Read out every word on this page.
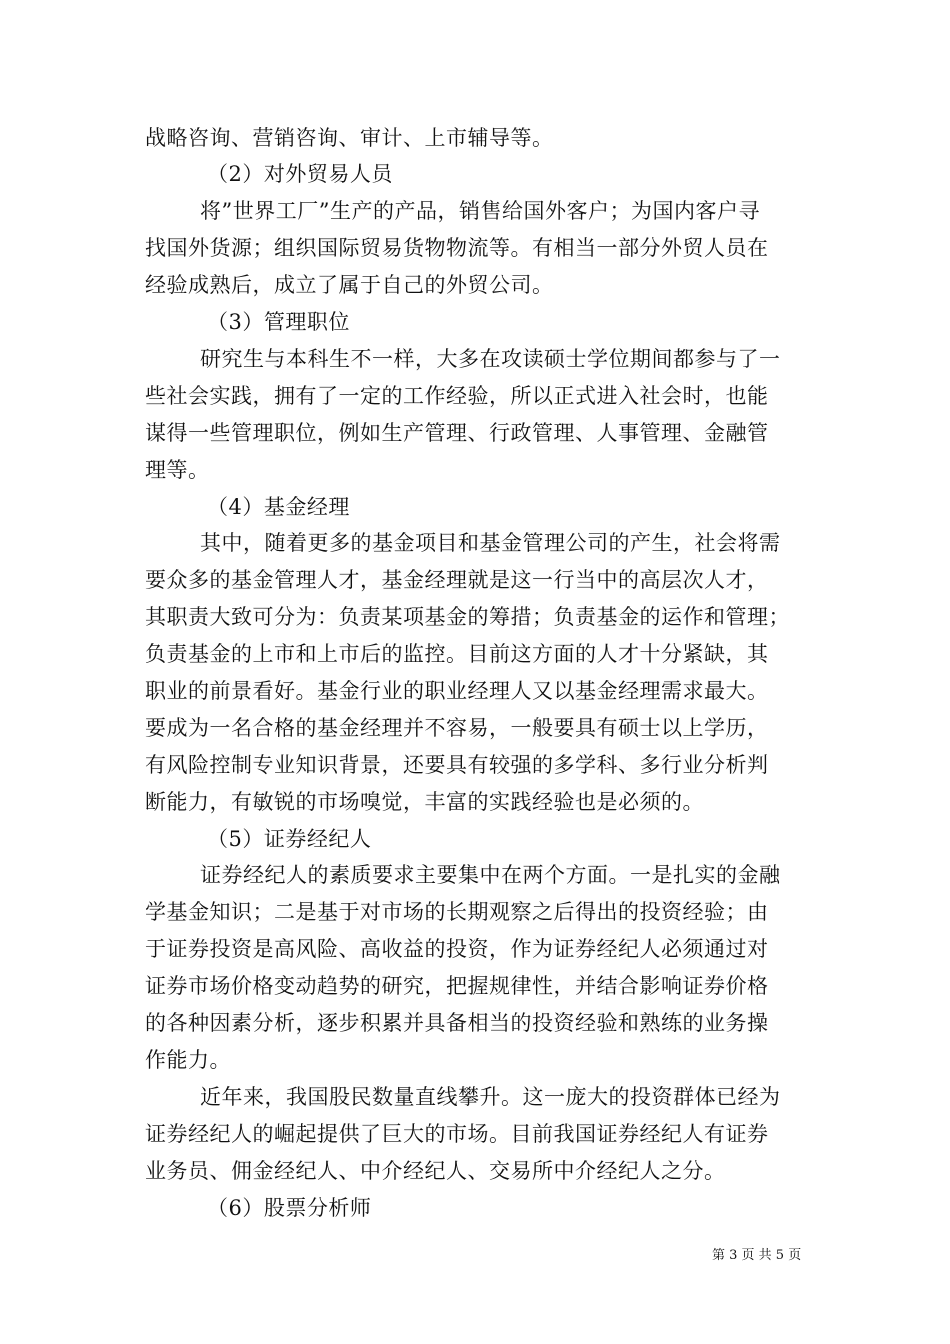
战略咨询、营销咨询、审计、上市辅导等。
（2）对外贸易人员
将”世界工厂”生产的产品，销售给国外客户；为国内客户寻
找国外货源；组织国际贸易货物物流等。有相当一部分外贸人员在
经验成熟后，成立了属于自己的外贸公司。
（3）管理职位
研究生与本科生不一样，大多在攻读硕士学位期间都参与了一
些社会实践，拥有了一定的工作经验，所以正式进入社会时，也能
谋得一些管理职位，例如生产管理、行政管理、人事管理、金融管
理等。
（4）基金经理
其中，随着更多的基金项目和基金管理公司的产生，社会将需
要众多的基金管理人才，基金经理就是这一行当中的高层次人才，
其职责大致可分为：负责某项基金的筹措；负责基金的运作和管理；
负责基金的上市和上市后的监控。目前这方面的人才十分紧缺，其
职业的前景看好。基金行业的职业经理人又以基金经理需求最大。
要成为一名合格的基金经理并不容易，一般要具有硕士以上学历，
有风险控制专业知识背景，还要具有较强的多学科、多行业分析判
断能力，有敏锐的市场嗅觉，丰富的实践经验也是必须的。
（5）证券经纪人
证券经纪人的素质要求主要集中在两个方面。一是扎实的金融
学基金知识；二是基于对市场的长期观察之后得出的投资经验；由
于证券投资是高风险、高收益的投资，作为证券经纪人必须通过对
证券市场价格变动趋势的研究，把握规律性，并结合影响证券价格
的各种因素分析，逐步积累并具备相当的投资经验和熟练的业务操
作能力。
近年来，我国股民数量直线攀升。这一庞大的投资群体已经为
证券经纪人的崛起提供了巨大的市场。目前我国证券经纪人有证券
业务员、佣金经纪人、中介经纪人、交易所中介经纪人之分。
（6）股票分析师
第 3 页 共 5 页
